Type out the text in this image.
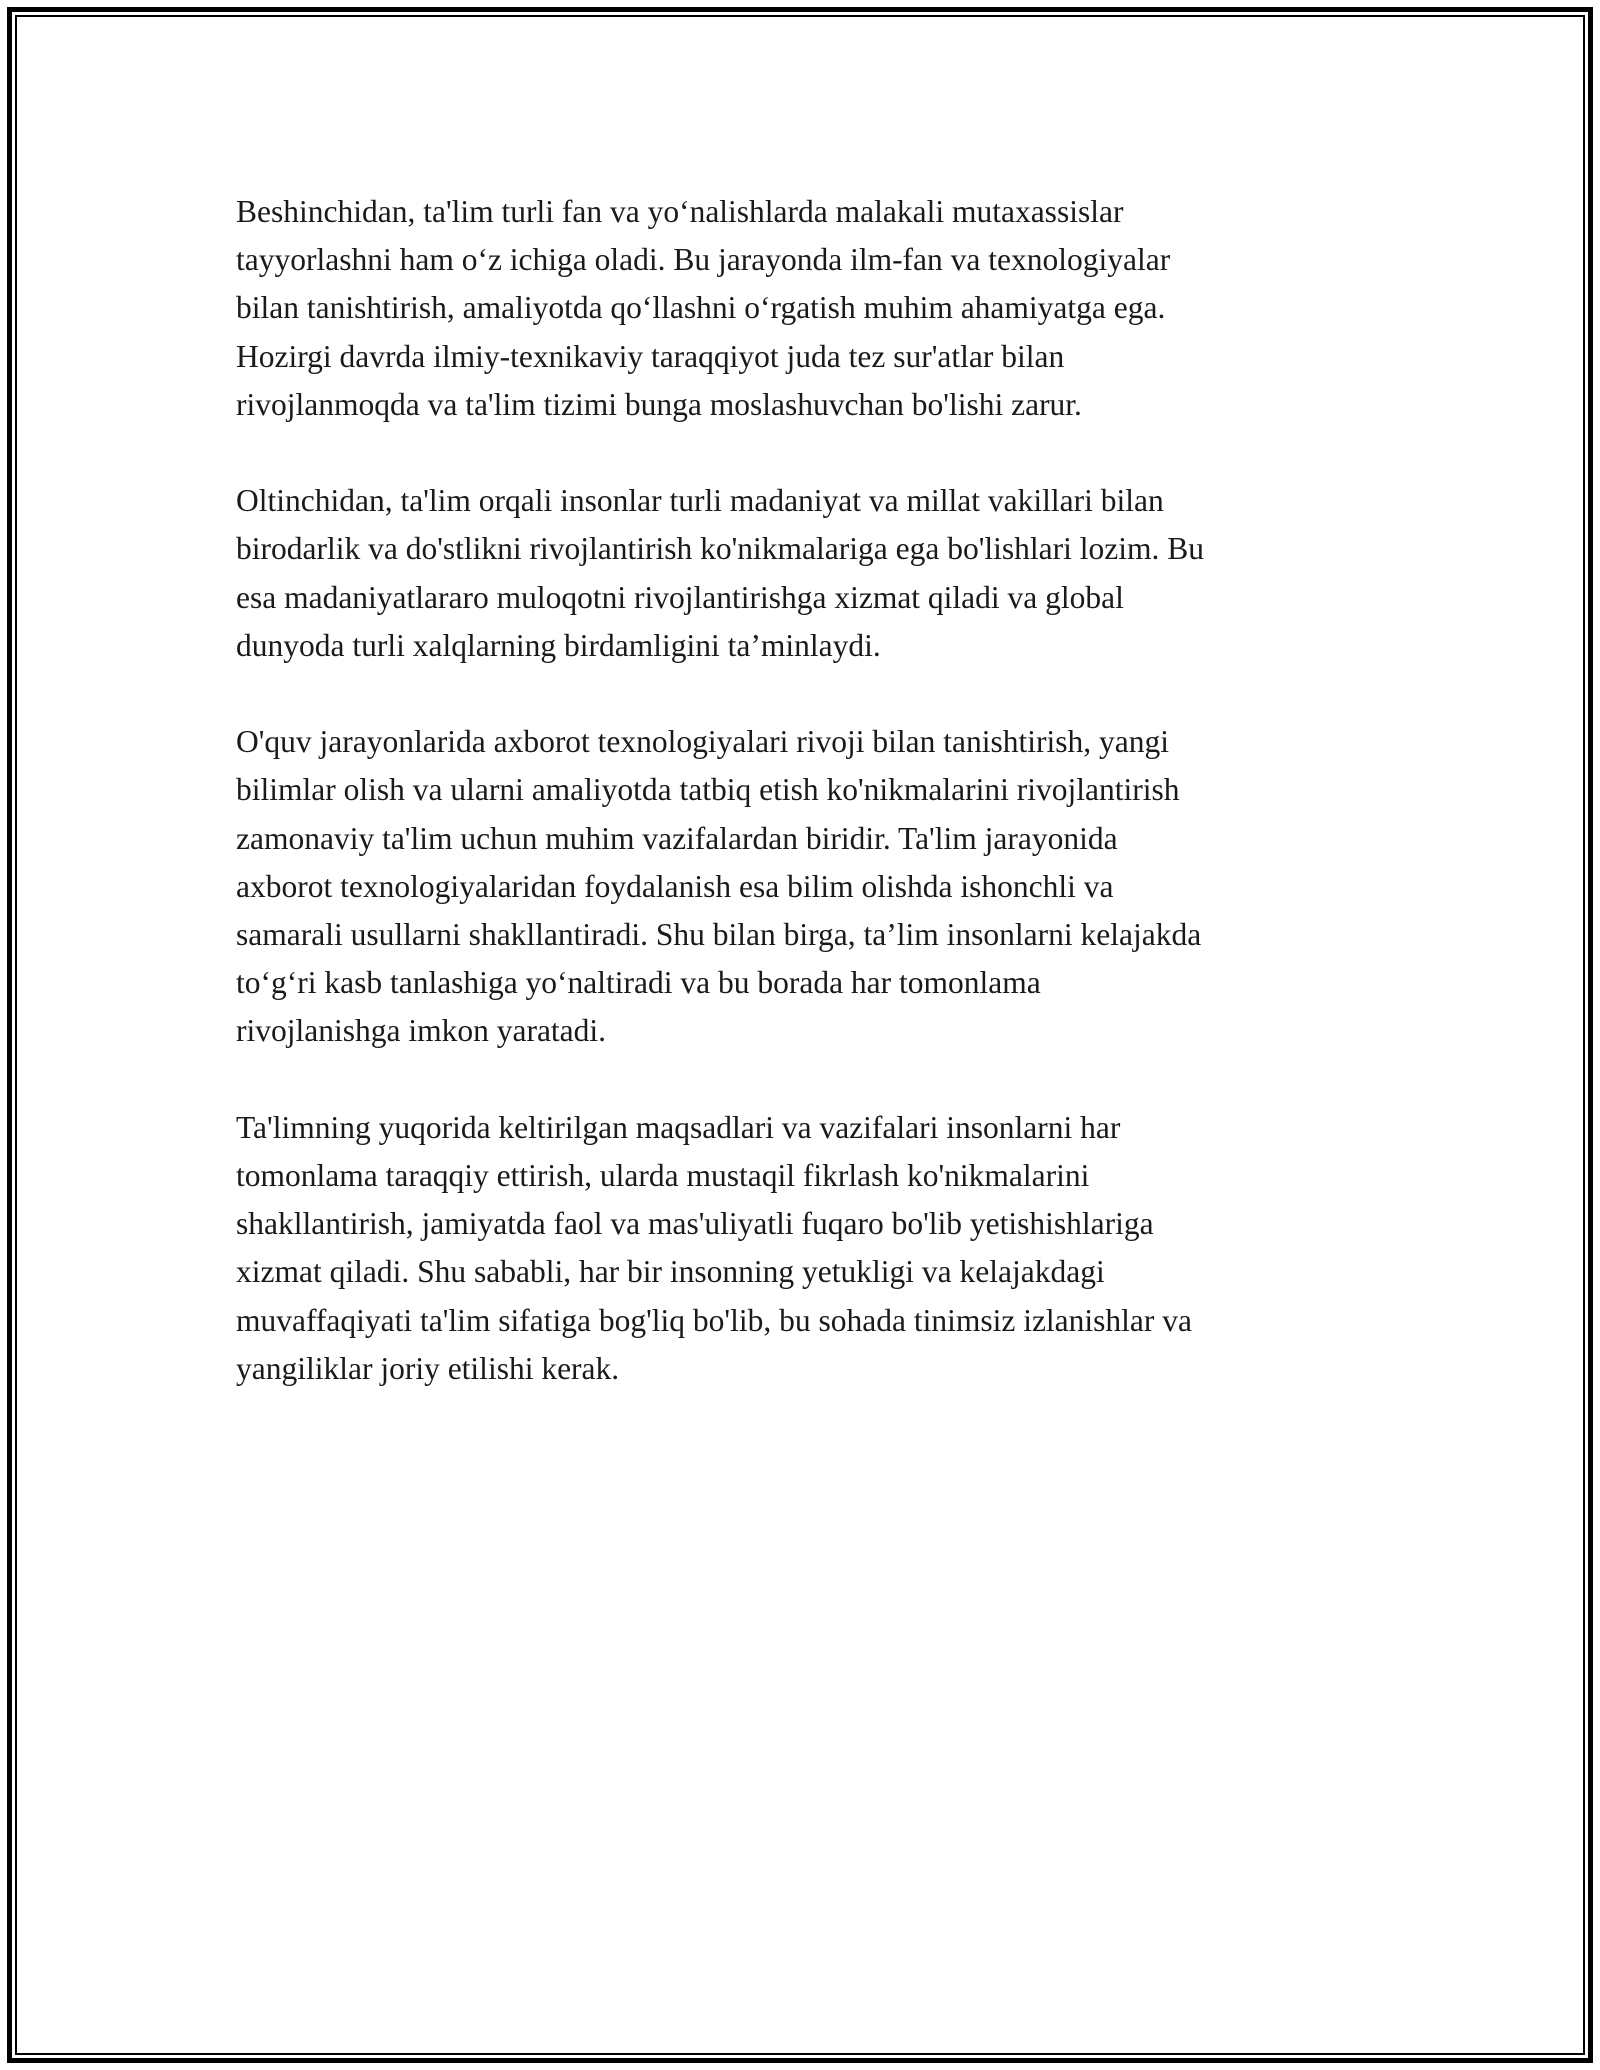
Beshinchidan, ta'lim turli fan va yo‘nalishlarda malakali mutaxassislar
tayyorlashni ham o‘z ichiga oladi. Bu jarayonda ilm-fan va texnologiyalar
bilan tanishtirish, amaliyotda qo‘llashni o‘rgatish muhim ahamiyatga ega.
Hozirgi davrda ilmiy-texnikaviy taraqqiyot juda tez sur'atlar bilan
rivojlanmoqda va ta'lim tizimi bunga moslashuvchan bo'lishi zarur.

Oltinchidan, ta'lim orqali insonlar turli madaniyat va millat vakillari bilan
birodarlik va do'stlikni rivojlantirish ko'nikmalariga ega bo'lishlari lozim. Bu
esa madaniyatlararo muloqotni rivojlantirishga xizmat qiladi va global
dunyoda turli xalqlarning birdamligini ta’minlaydi.

O'quv jarayonlarida axborot texnologiyalari rivoji bilan tanishtirish, yangi
bilimlar olish va ularni amaliyotda tatbiq etish ko'nikmalarini rivojlantirish
zamonaviy ta'lim uchun muhim vazifalardan biridir. Ta'lim jarayonida
axborot texnologiyalaridan foydalanish esa bilim olishda ishonchli va
samarali usullarni shakllantiradi. Shu bilan birga, ta’lim insonlarni kelajakda
to‘g‘ri kasb tanlashiga yo‘naltiradi va bu borada har tomonlama
rivojlanishga imkon yaratadi.

Ta'limning yuqorida keltirilgan maqsadlari va vazifalari insonlarni har
tomonlama taraqqiy ettirish, ularda mustaqil fikrlash ko'nikmalarini
shakllantirish, jamiyatda faol va mas'uliyatli fuqaro bo'lib yetishishlariga
xizmat qiladi. Shu sababli, har bir insonning yetukligi va kelajakdagi
muvaffaqiyati ta'lim sifatiga bog'liq bo'lib, bu sohada tinimsiz izlanishlar va
yangiliklar joriy etilishi kerak.
